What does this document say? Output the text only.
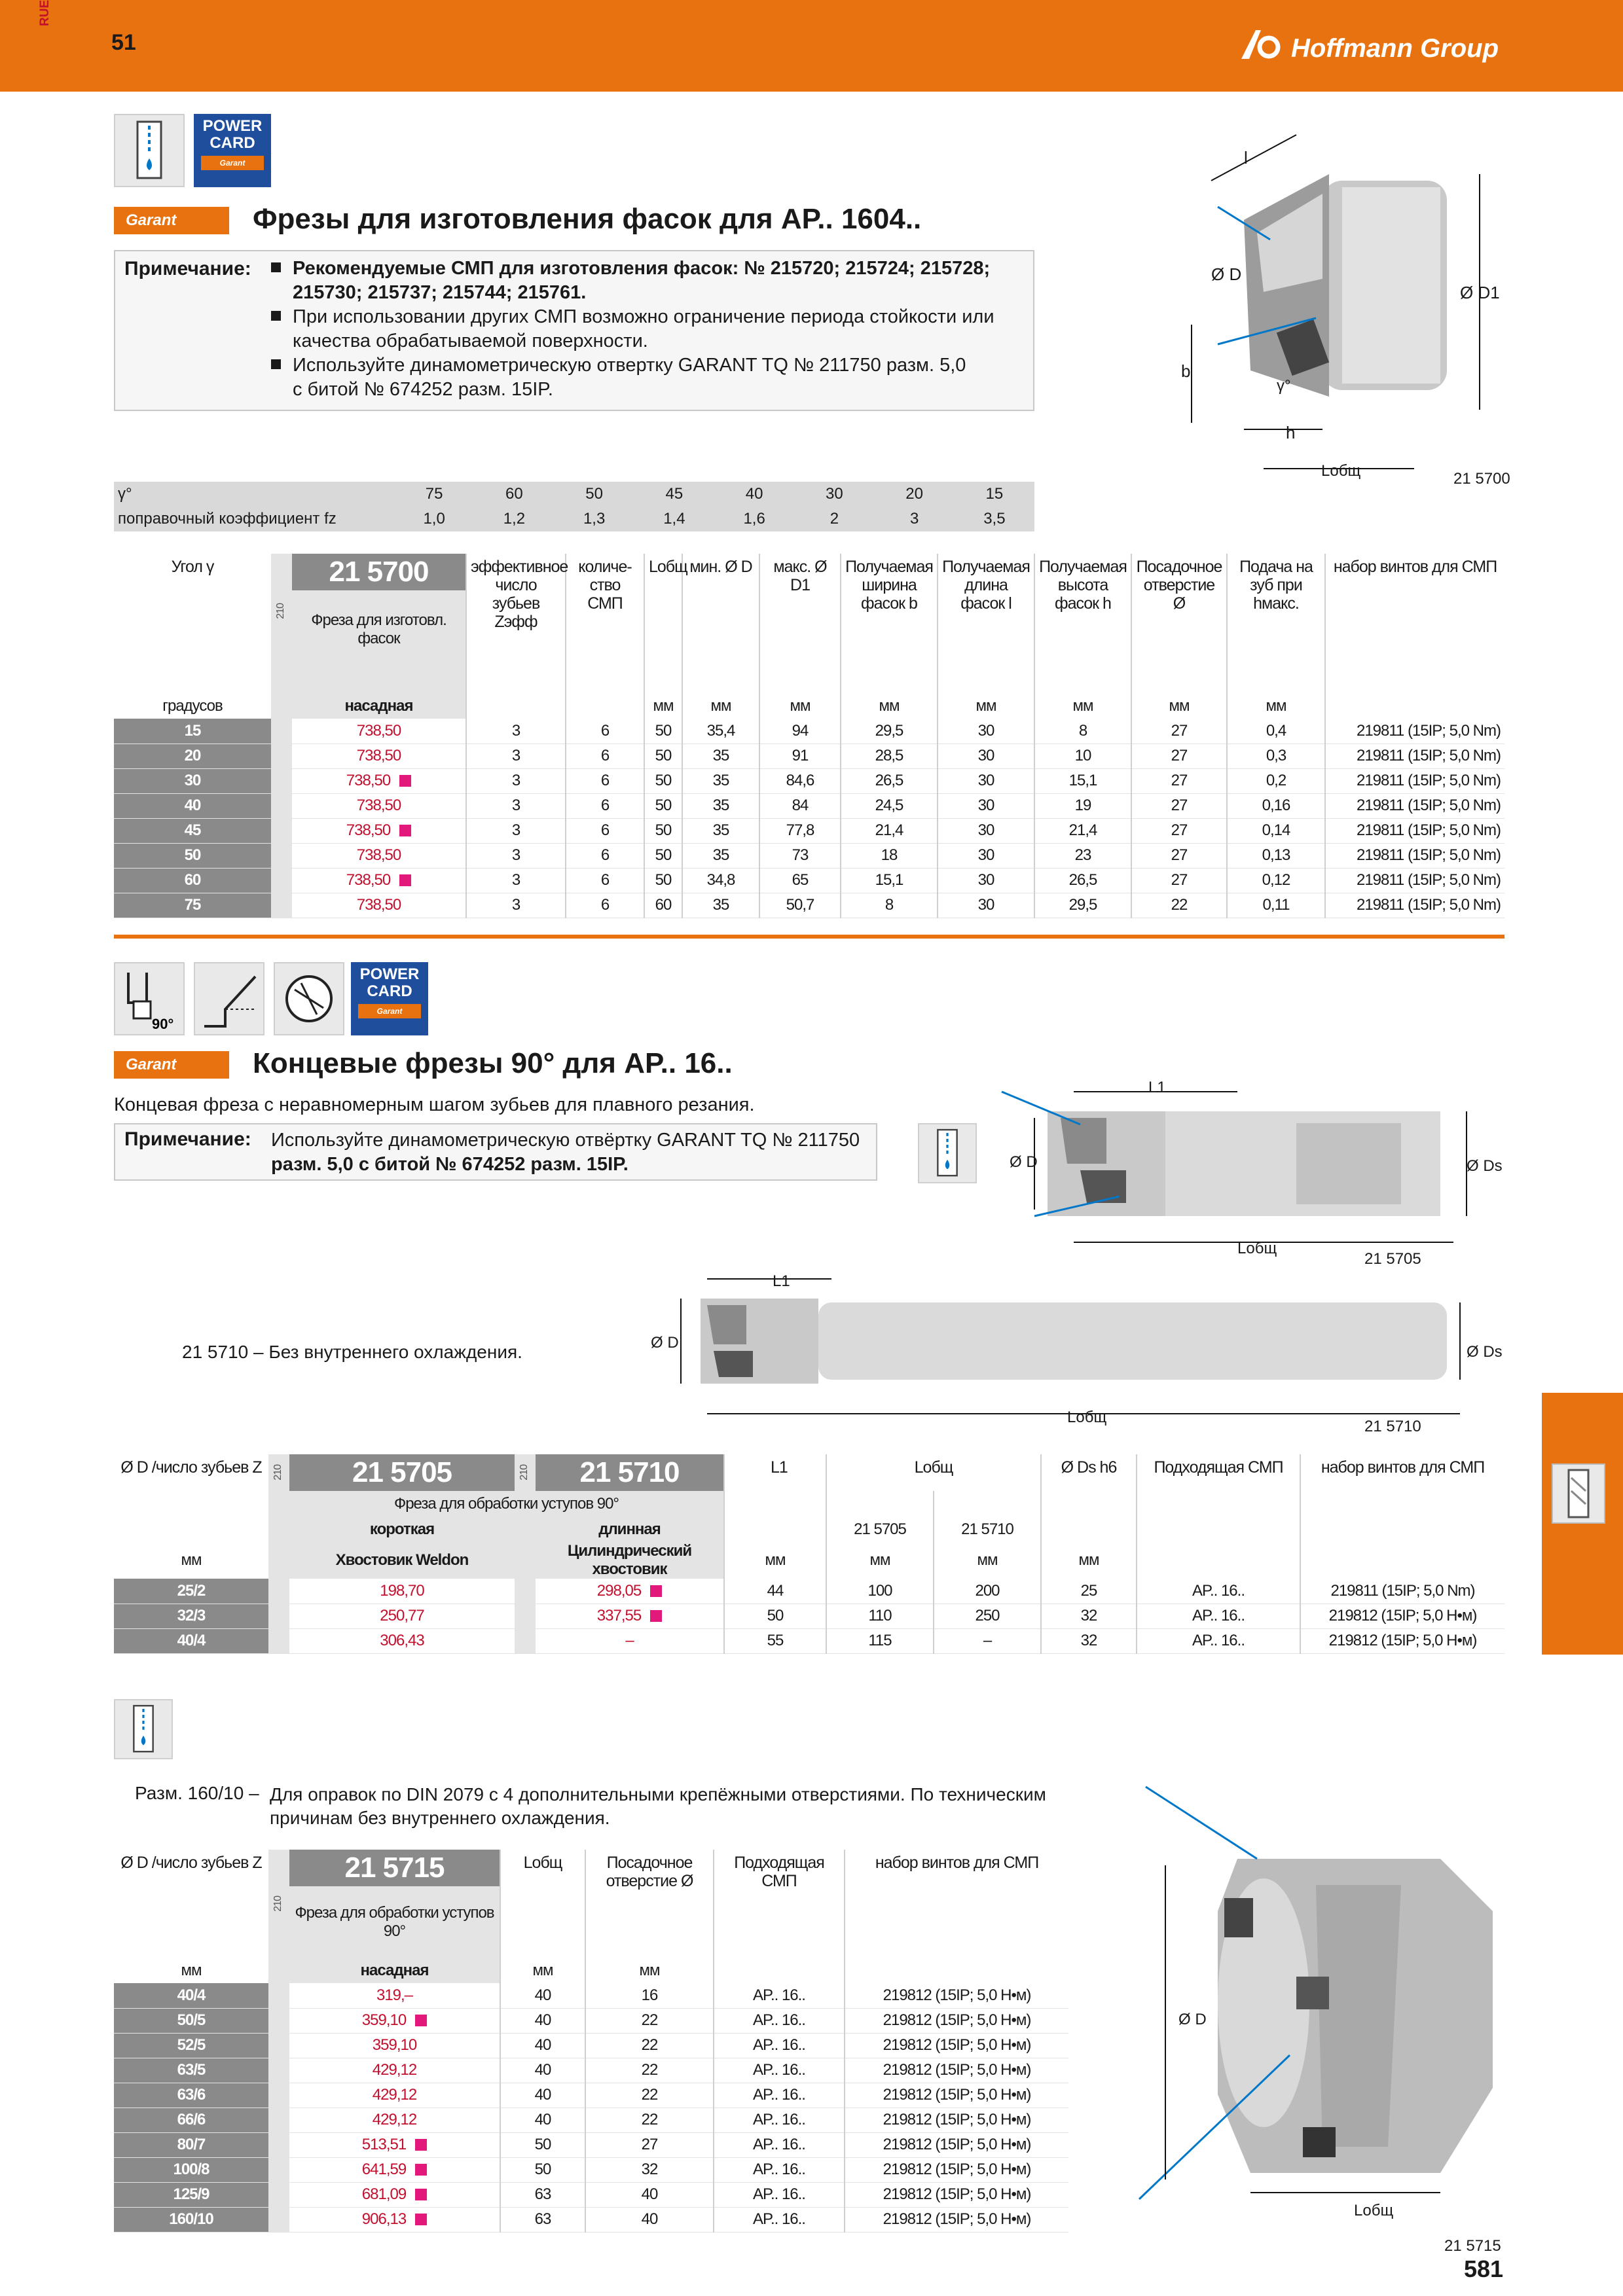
RUE
51	Hoffmann Group
POWER
CARD
Garant
Garant	Фрезы для изготовления фасок для AP.. 1604..
Примечание:	Рекомендуемые СМП для изготовления фасок: № 215720; 215724; 215728;
215730; 215737; 215744; 215761.
При использовании других СМП возможно ограничение периода стойкости или
качества обрабатываемой поверхности.
Используйте динамометрическую отвертку GARANT TQ № 211750 разм. 5,0
с битой № 674252 разм. 15IP.
l
Ø D
Ø D1
b
γ°
h
Lобщ	21 5700
γ°	75	60	50	45	40	30	20	15
поправочный коэффициент fz	1,0	1,2	1,3	1,4	1,6	2	3	3,5
Угол γ	210	21 5700	эффективное число зубьев Zэфф	количе-ство СМП	Lобщ	мин. Ø D	макс. Ø D1	Получаемая ширина фасок b	Получаемая длина фасок l	Получаемая высота фасок h	Посадочное отверстие Ø	Подача на зуб при hмакс.	набор винтов для СМП
		Фреза для изготовл. фасок											

градусов		насадная			мм	мм	мм	мм	мм	мм	мм	мм	
15		738,50	3	6	50	35,4	94	29,5	30	8	27	0,4	219811 (15IP; 5,0 Nm)
20		738,50	3	6	50	35	91	28,5	30	10	27	0,3	219811 (15IP; 5,0 Nm)
30		738,50	3	6	50	35	84,6	26,5	30	15,1	27	0,2	219811 (15IP; 5,0 Nm)
40		738,50	3	6	50	35	84	24,5	30	19	27	0,16	219811 (15IP; 5,0 Nm)
45		738,50	3	6	50	35	77,8	21,4	30	21,4	27	0,14	219811 (15IP; 5,0 Nm)
50		738,50	3	6	50	35	73	18	30	23	27	0,13	219811 (15IP; 5,0 Nm)
60		738,50	3	6	50	34,8	65	15,1	30	26,5	27	0,12	219811 (15IP; 5,0 Nm)
75		738,50	3	6	60	35	50,7	8	30	29,5	22	0,11	219811 (15IP; 5,0 Nm)
90°
POWER
CARD
Garant
Garant	Концевые фрезы 90° для AP.. 16..
Концевая фреза с неравномерным шагом зубьев для плавного резания.
Примечание: Используйте динамометрическую отвёртку GARANT TQ № 211750
разм. 5,0 с битой № 674252 разм. 15IP.
L1
Ø D	Ø Ds
Lобщ
21 5705
L1
Ø D
Ø Ds
Lобщ
21 5710
21 5710 – Без внутреннего охлаждения.
Ø D /число зубьев Z	210	21 5705	210	21 5710	L1	Lобщ		Ø Ds h6	Подходящая СМП	набор винтов для СМП
		Фреза для обработки уступов 90°								
		короткая		длинная		21 5705	21 5710			
мм		Хвостовик Weldon		Цилиндрический хвостовик	мм	мм	мм	мм		
25/2		198,70		298,05	44	100	200	25	AP.. 16..	219811 (15IP; 5,0 Nm)
32/3		250,77		337,55	50	110	250	32	AP.. 16..	219812 (15IP; 5,0 Н•м)
40/4		306,43		–	55	115	–	32	AP.. 16..	219812 (15IP; 5,0 Н•м)
Разм. 160/10 – Для оправок по DIN 2079 с 4 дополнительными крепёжными отверстиями. По техническим
причинам без внутреннего охлаждения.
Ø D /число зубьев Z	210	21 5715	Lобщ	Посадочное отверстие Ø	Подходящая СМП	набор винтов для СМП
		Фреза для обработки уступов 90°				
мм		насадная	мм	мм		
40/4		319,–	40	16	AP.. 16..	219812 (15IP; 5,0 Н•м)
50/5		359,10	40	22	AP.. 16..	219812 (15IP; 5,0 Н•м)
52/5		359,10	40	22	AP.. 16..	219812 (15IP; 5,0 Н•м)
63/5		429,12	40	22	AP.. 16..	219812 (15IP; 5,0 Н•м)
63/6		429,12	40	22	AP.. 16..	219812 (15IP; 5,0 Н•м)
66/6		429,12	40	22	AP.. 16..	219812 (15IP; 5,0 Н•м)
80/7		513,51	50	27	AP.. 16..	219812 (15IP; 5,0 Н•м)
100/8		641,59	50	32	AP.. 16..	219812 (15IP; 5,0 Н•м)
125/9		681,09	63	40	AP.. 16..	219812 (15IP; 5,0 Н•м)
160/10		906,13	63	40	AP.. 16..	219812 (15IP; 5,0 Н•м)
Ø D
Lобщ
21 5715
581
